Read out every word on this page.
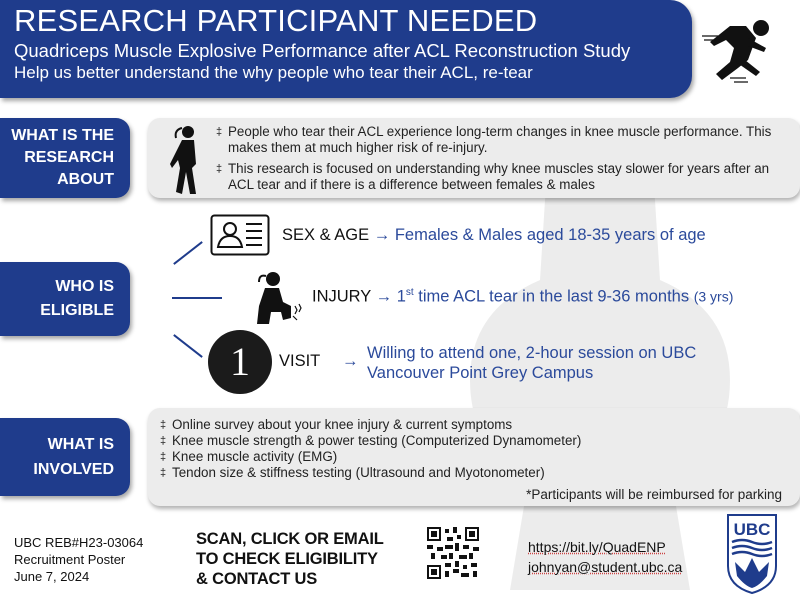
RESEARCH PARTICIPANT NEEDED
Quadriceps Muscle Explosive Performance after ACL Reconstruction Study
Help us better understand the why people who tear their ACL, re-tear
WHAT IS THE
RESEARCH
ABOUT
‡ People who tear their ACL experience long-term changes in knee muscle performance. This makes them at much higher risk of re-injury.
‡ This research is focused on understanding why knee muscles stay slower for years after an ACL tear and if there is a difference between females & males
WHO IS
ELIGIBLE
SEX & AGE → Females & Males aged 18-35 years of age
INJURY → 1st time ACL tear in the last 9-36 months (3 yrs)
1	VISIT → Willing to attend one, 2-hour session on UBC
Vancouver Point Grey Campus
WHAT IS
INVOLVED
‡ Online survey about your knee injury & current symptoms
‡ Knee muscle strength & power testing (Computerized Dynamometer)
‡ Knee muscle activity (EMG)
‡ Tendon size & stiffness testing (Ultrasound and Myotonometer)
*Participants will be reimbursed for parking
UBC REB#H23-03064
Recruitment Poster
June 7, 2024
SCAN, CLICK OR EMAIL
TO CHECK ELIGIBILITY
& CONTACT US
https://bit.ly/QuadENP
johnyan@student.ubc.ca
UBC
